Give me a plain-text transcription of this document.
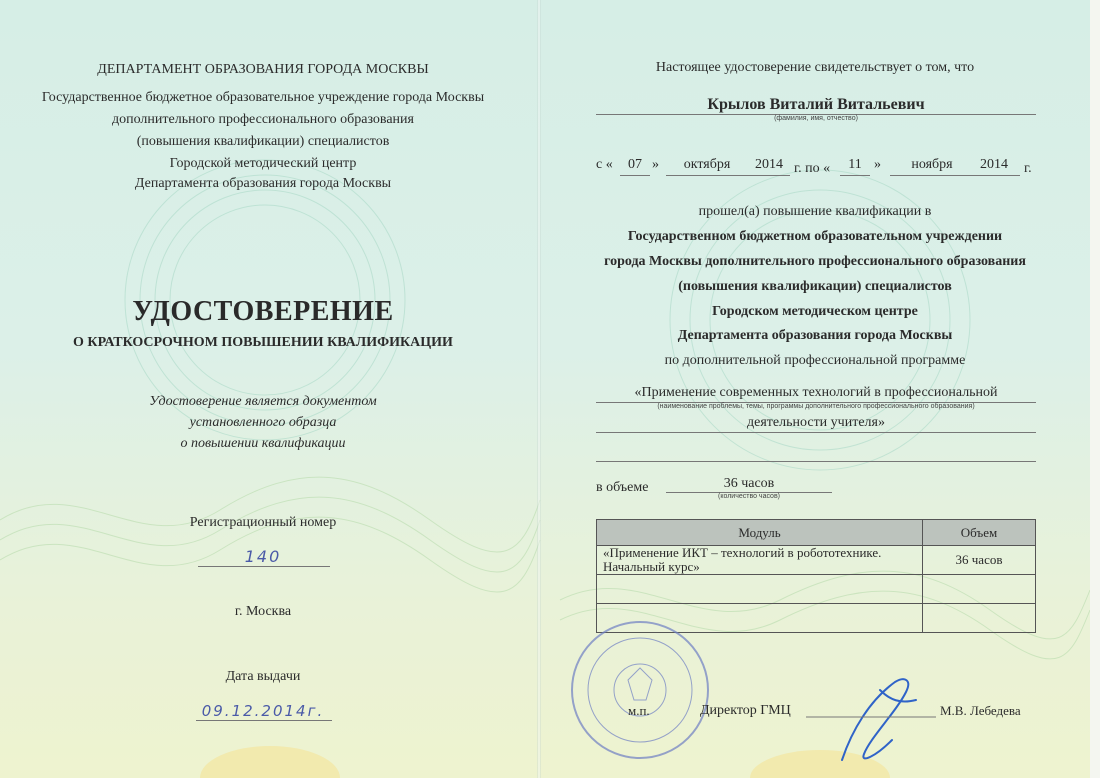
ДЕПАРТАМЕНТ ОБРАЗОВАНИЯ ГОРОДА МОСКВЫ
Государственное бюджетное образовательное учреждение города Москвы
дополнительного профессионального образования
(повышения квалификации) специалистов
Городской методический центр
Департамента образования города Москвы
УДОСТОВЕРЕНИЕ
О КРАТКОСРОЧНОМ ПОВЫШЕНИИ КВАЛИФИКАЦИИ
Удостоверение является документом
установленного образца
о повышении квалификации
Регистрационный номер
140
г. Москва
Дата выдачи
09.12.2014г.
Настоящее удостоверение свидетельствует о том, что
Крылов Виталий Витальевич
(фамилия, имя, отчество)
с «	07 »	октября	2014 г. по «	11 »	ноября	2014	г.
прошел(а) повышение квалификации в
Государственном бюджетном образовательном учреждении
города Москвы дополнительного профессионального образования
(повышения квалификации) специалистов
Городском методическом центре
Департамента образования города Москвы
по дополнительной профессиональной программе
«Применение современных технологий в профессиональной
(наименование проблемы, темы, программы дополнительного профессионального образования)
деятельности учителя»
в объеме	36 часов
(количество часов)
Модуль	Объем
«Применение ИКТ – технологий в робототехнике. Начальный курс»	36 часов

м.п.	Директор ГМЦ	М.В. Лебедева
